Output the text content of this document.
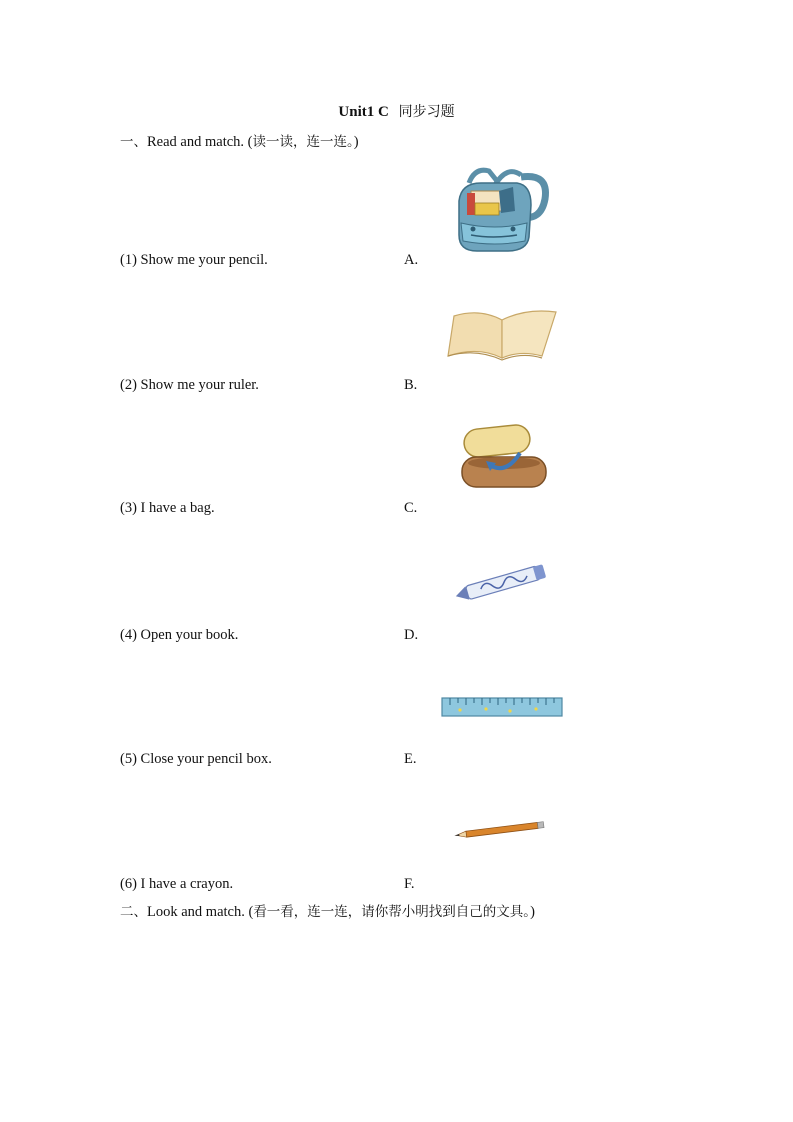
Unit1 C 同步习题
一、Read and match. (读一读，连一连。)
(1) Show me your pencil.
(2) Show me your ruler.
(3) I have a bag.
(4) Open your book.
(5) Close your pencil box.
(6) I have a crayon.
A.
B.
C.
D.
E.
F.
二、Look and match. (看一看，连一连，请你帮小明找到自己的文具。)
